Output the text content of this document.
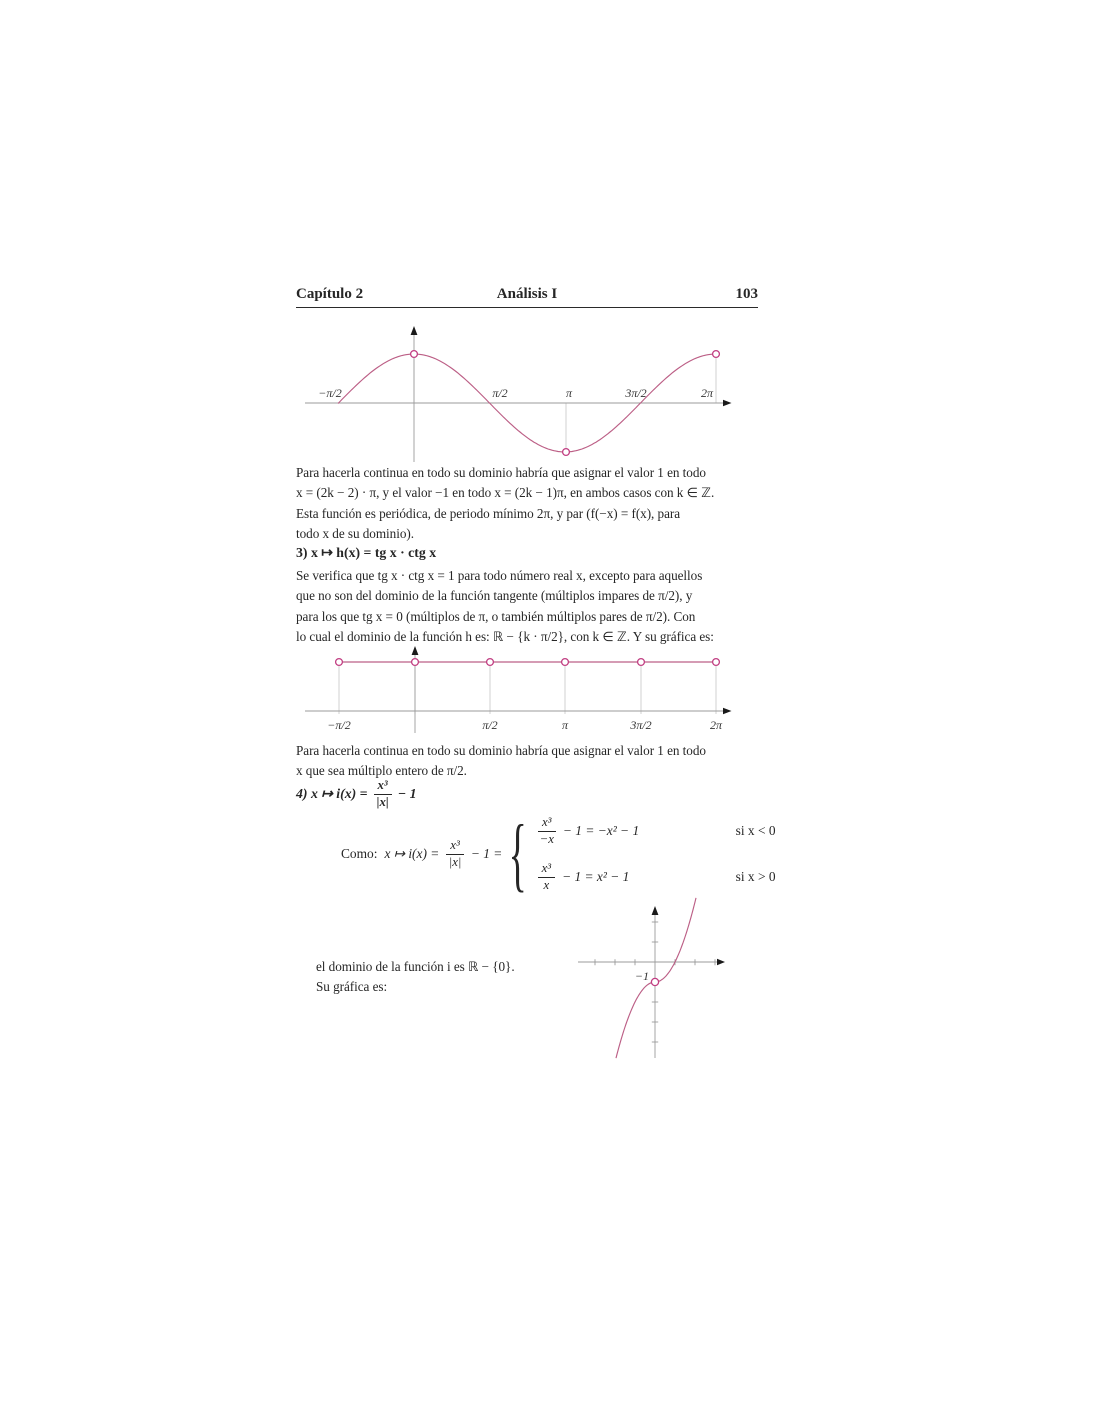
Capítulo 2	Análisis I	103
−π/2	π/2	π	3π/2	2π
Para hacerla continua en todo su dominio habría que asignar el valor 1 en todo
x = (2k − 2) · π, y el valor −1 en todo x = (2k − 1)π, en ambos casos con k ∈ ℤ.
Esta función es periódica, de periodo mínimo 2π, y par (f(−x) = f(x), para
todo x de su dominio).
3) x ↦ h(x) = tg x · ctg x
Se verifica que tg x · ctg x = 1 para todo número real x, excepto para aquellos
que no son del dominio de la función tangente (múltiplos impares de π/2), y
para los que tg x = 0 (múltiplos de π, o también múltiplos pares de π/2). Con
lo cual el dominio de la función h es: ℝ − {k · π/2}, con k ∈ ℤ. Y su gráfica es:
−π/2	π/2	π	3π/2	2π
Para hacerla continua en todo su dominio habría que asignar el valor 1 en todo
x que sea múltiplo entero de π/2.
4) x ↦ $i(x) = \frac{\text{x³}}{|x|} - 1$
Como: x ↦ $i(x) = \frac{\text{x³}}{|x|} - 1$ = { $\frac{\text{x³}}{-x} - 1 = -x^2 - 1$	si x < 0
$\frac{\text{x³}}{x} - 1 = x^2 - 1$	si x > 0
el dominio de la función i es ℝ − {0}.
Su gráfica es:
−1
